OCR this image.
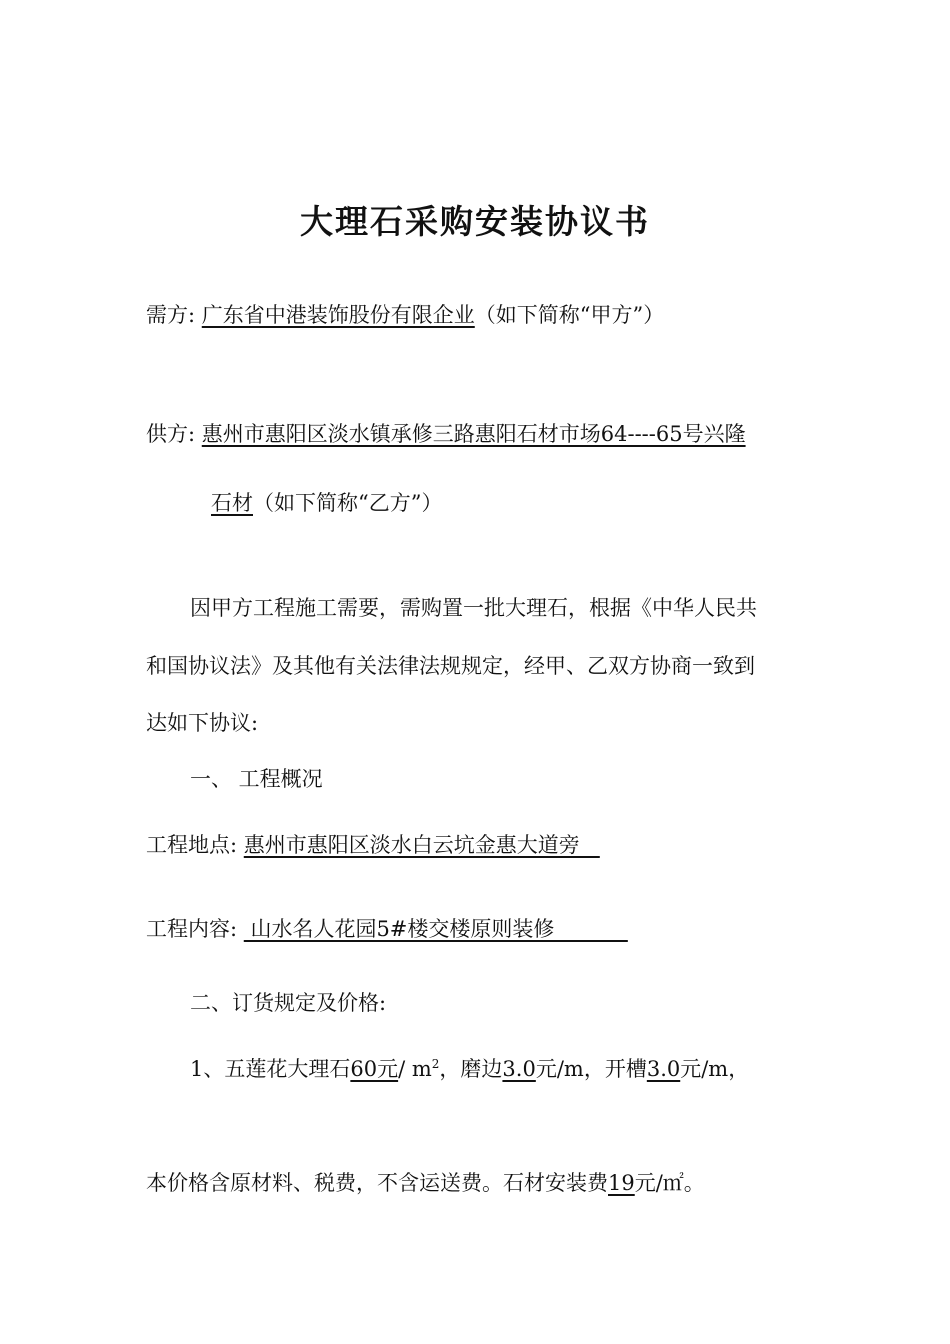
大理石采购安装协议书
需方: 广东省中港装饰股份有限企业（如下简称“甲方”）
供方: 惠州市惠阳区淡水镇承修三路惠阳石材市场64----65号兴隆
石材（如下简称“乙方”）
因甲方工程施工需要，需购置一批大理石，根据《中华人民共
和国协议法》及其他有关法律法规规定，经甲、乙双方协商一致到
达如下协议:
一、 工程概况
工程地点: 惠州市惠阳区淡水白云坑金惠大道旁
工程内容:  山水名人花园5#楼交楼原则装修
二、订货规定及价格:
1、五莲花大理石60元/ $m^2$，磨边3.0元/m，开槽3.0元/m，
本价格含原材料、税费，不含运送费。石材安装费19元/㎡。
